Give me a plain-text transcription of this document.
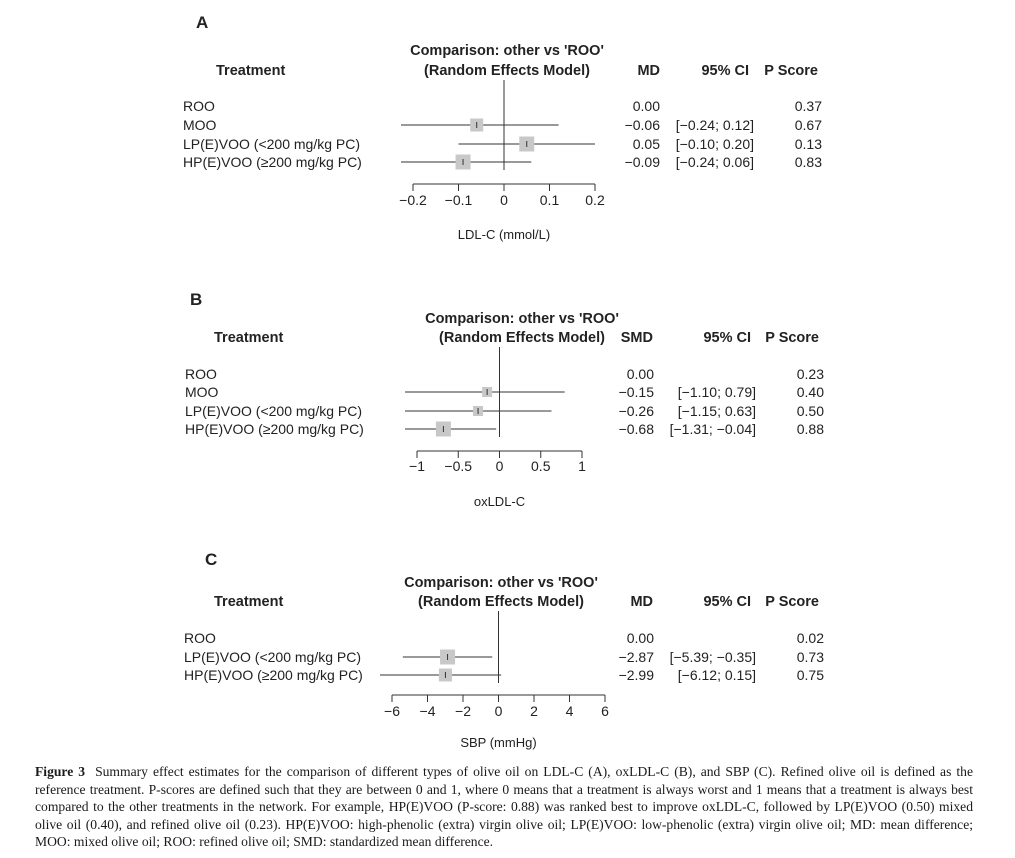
A
Treatment
Comparison: other vs 'ROO'
(Random Effects Model)	MD	95% CI P Score
ROO	0.00	0.37
MOO	−0.06 [−0.24; 0.12]	0.67
LP(E)VOO (<200 mg/kg PC)	0.05 [−0.10; 0.20]	0.13
HP(E)VOO (≥200 mg/kg PC)	−0.09 [−0.24; 0.06]	0.83
−0.2 −0.1 0 0.1 0.2
LDL-C (mmol/L)
B
Treatment
Comparison: other vs 'ROO'
(Random Effects Model) SMD	95% CI P Score
ROO	0.00	0.23
MOO	−0.15 [−1.10; 0.79]	0.40
LP(E)VOO (<200 mg/kg PC)	−0.26 [−1.15; 0.63]	0.50
HP(E)VOO (≥200 mg/kg PC)	−0.68 [−1.31; −0.04]	0.88
−1 −0.5 0 0.5 1
oxLDL-C
C
Treatment
Comparison: other vs 'ROO'
(Random Effects Model)	MD	95% CI P Score
ROO	0.00	0.02
LP(E)VOO (<200 mg/kg PC)	−2.87 [−5.39; −0.35]	0.73
HP(E)VOO (≥200 mg/kg PC)	−2.99 [−6.12; 0.15]	0.75
−6 −4 −2 0 2 4 6
SBP (mmHg)

Figure 3 Summary effect estimates for the comparison of different types of olive oil on LDL-C (A), oxLDL-C (B), and SBP (C). Refined olive oil is defined as the reference treatment. P-scores are defined such that they are between 0 and 1, where 0 means that a treatment is always worst and 1 means that a treatment is always best compared to the other treatments in the network. For example, HP(E)VOO (P-score: 0.88) was ranked best to improve oxLDL-C, followed by LP(E)VOO (0.50) mixed olive oil (0.40), and refined olive oil (0.23). HP(E)VOO: high-phenolic (extra) virgin olive oil; LP(E)VOO: low-phenolic (extra) virgin olive oil; MD: mean difference; MOO: mixed olive oil; ROO: refined olive oil; SMD: standardized mean difference.
